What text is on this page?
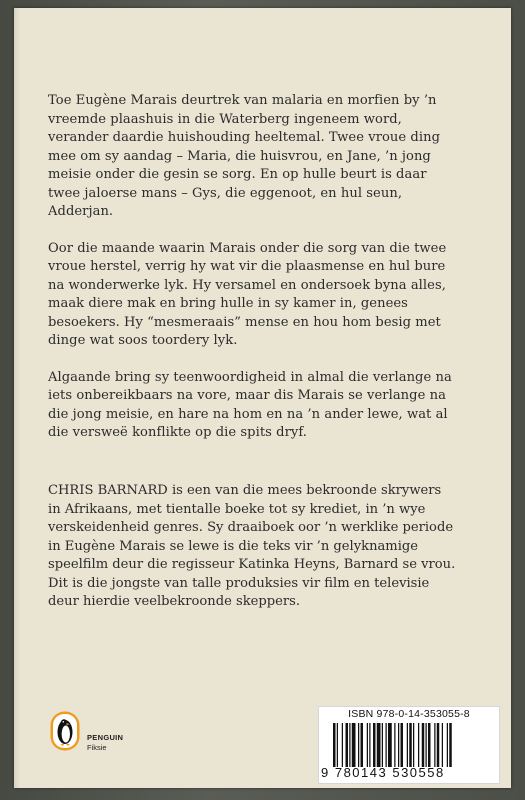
Toe Eugène Marais deurtrek van malaria en morfien by ’n
vreemde plaashuis in die Waterberg ingeneem word,
verander daardie huishouding heeltemal. Twee vroue ding
mee om sy aandag – Maria, die huisvrou, en Jane, ’n jong
meisie onder die gesin se sorg. En op hulle beurt is daar
twee jaloerse mans – Gys, die eggenoot, en hul seun,
Adderjan.

Oor die maande waarin Marais onder die sorg van die twee
vroue herstel, verrig hy wat vir die plaasmense en hul bure
na wonderwerke lyk. Hy versamel en ondersoek byna alles,
maak diere mak en bring hulle in sy kamer in, genees
besoekers. Hy “mesmeraais” mense en hou hom besig met
dinge wat soos toordery lyk.

Algaande bring sy teenwoordigheid in almal die verlange na
iets onbereikbaars na vore, maar dis Marais se verlange na
die jong meisie, en hare na hom en na ’n ander lewe, wat al
die versweë konflikte op die spits dryf.

CHRIS BARNARD is een van die mees bekroonde skrywers
in Afrikaans, met tientalle boeke tot sy krediet, in ’n wye
verskeidenheid genres. Sy draaiboek oor ’n werklike periode
in Eugène Marais se lewe is die teks vir ’n gelyknamige
speelfilm deur die regisseur Katinka Heyns, Barnard se vrou.
Dit is die jongste van talle produksies vir film en televisie
deur hierdie veelbekroonde skeppers.
PENGUIN
Fiksie
ISBN 978-0-14-353055-8
9 780143 530558
